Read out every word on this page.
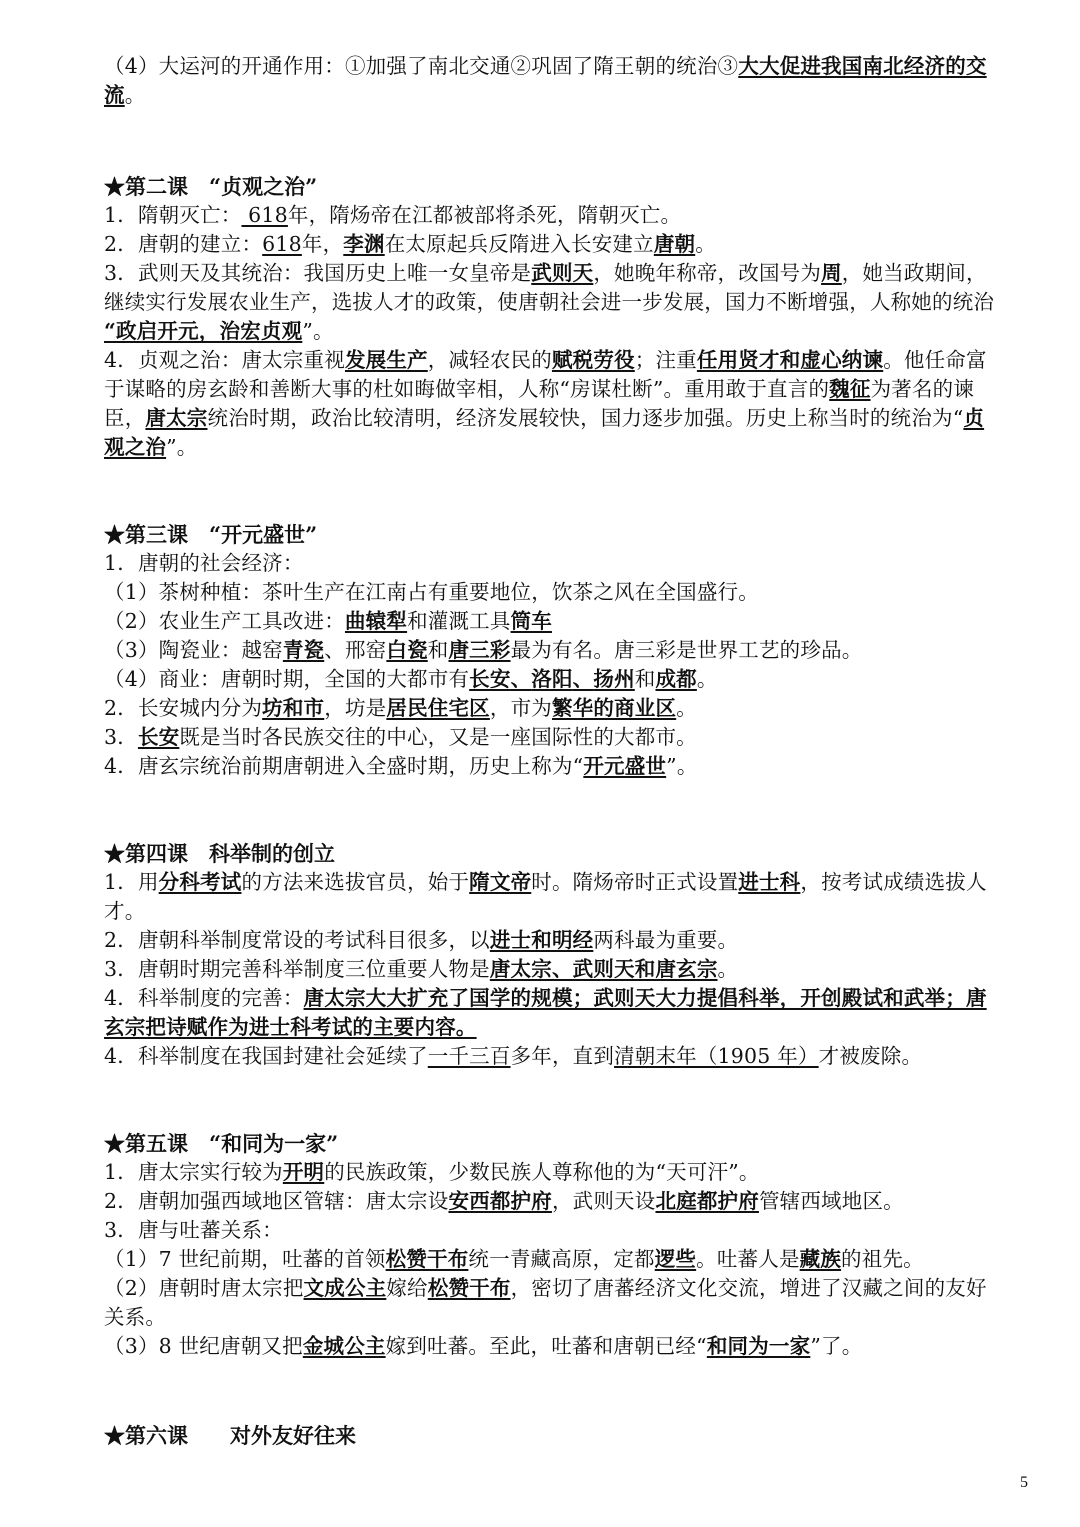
（4）大运河的开通作用：①加强了南北交通②巩固了隋王朝的统治③大大促进我国南北经济的交
流。
★第二课　“贞观之治”
1．隋朝灭亡： 618年，隋炀帝在江都被部将杀死，隋朝灭亡。
2．唐朝的建立：618年，李渊在太原起兵反隋进入长安建立唐朝。
3．武则天及其统治：我国历史上唯一女皇帝是武则天，她晚年称帝，改国号为周，她当政期间，
继续实行发展农业生产，选拔人才的政策，使唐朝社会进一步发展，国力不断增强，人称她的统治
“政启开元，治宏贞观”。
4．贞观之治：唐太宗重视发展生产，减轻农民的赋税劳役；注重任用贤才和虚心纳谏。他任命富
于谋略的房玄龄和善断大事的杜如晦做宰相，人称“房谋杜断”。重用敢于直言的魏征为著名的谏
臣，唐太宗统治时期，政治比较清明，经济发展较快，国力逐步加强。历史上称当时的统治为“贞
观之治”。
★第三课　“开元盛世”
1．唐朝的社会经济：
（1）茶树种植：茶叶生产在江南占有重要地位，饮茶之风在全国盛行。
（2）农业生产工具改进：曲辕犁和灌溉工具筒车
（3）陶瓷业：越窑青瓷、邢窑白瓷和唐三彩最为有名。唐三彩是世界工艺的珍品。
（4）商业：唐朝时期，全国的大都市有长安、洛阳、扬州和成都。
2．长安城内分为坊和市，坊是居民住宅区，市为繁华的商业区。
3．长安既是当时各民族交往的中心，又是一座国际性的大都市。
4．唐玄宗统治前期唐朝进入全盛时期，历史上称为“开元盛世”。
★第四课　科举制的创立
1．用分科考试的方法来选拔官员，始于隋文帝时。隋炀帝时正式设置进士科，按考试成绩选拔人
才。
2．唐朝科举制度常设的考试科目很多，以进士和明经两科最为重要。
3．唐朝时期完善科举制度三位重要人物是唐太宗、武则天和唐玄宗。
4．科举制度的完善：唐太宗大大扩充了国学的规模；武则天大力提倡科举，开创殿试和武举；唐
玄宗把诗赋作为进士科考试的主要内容。
4．科举制度在我国封建社会延续了一千三百多年，直到清朝末年（1905 年）才被废除。
★第五课　“和同为一家”
1．唐太宗实行较为开明的民族政策，少数民族人尊称他的为“天可汗”。
2．唐朝加强西域地区管辖：唐太宗设安西都护府，武则天设北庭都护府管辖西域地区。
3．唐与吐蕃关系：
（1）7 世纪前期，吐蕃的首领松赞干布统一青藏高原，定都逻些。吐蕃人是藏族的祖先。
（2）唐朝时唐太宗把文成公主嫁给松赞干布，密切了唐蕃经济文化交流，增进了汉藏之间的友好
关系。
（3）8 世纪唐朝又把金城公主嫁到吐蕃。至此，吐蕃和唐朝已经“和同为一家”了。
★第六课　　对外友好往来
5
